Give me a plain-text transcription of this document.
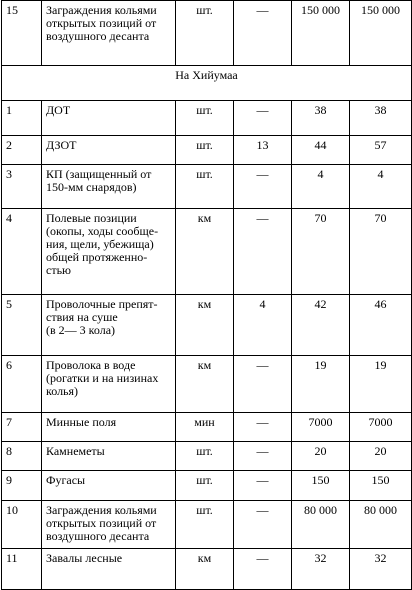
15	Заграждения кольями
открытых позиций от
воздушного десанта	шт.	—	150 000	150 000
На Хийумаа					
1	ДОТ	шт.	—	38	38
2	ДЗОТ	шт.	13	44	57
3	КП (защищенный от
150-мм снарядов)	шт.	—	4	4
4	Полевые позиции
(окопы, ходы сообще-
ния, щели, убежища)
общей протяженно-
стью	км	—	70	70
5	Проволочные препят-
ствия на суше
(в 2— 3 кола)	км	4	42	46
6	Проволока в воде
(рогатки и на низинах
колья)	км	—	19	19
7	Минные поля	мин	—	7000	7000
8	Камнеметы	шт.	—	20	20
9	Фугасы	шт.	—	150	150
10	Заграждения кольями
открытых позиций от
воздушного десанта	шт.	—	80 000	80 000
11	Завалы лесные	км	—	32	32
